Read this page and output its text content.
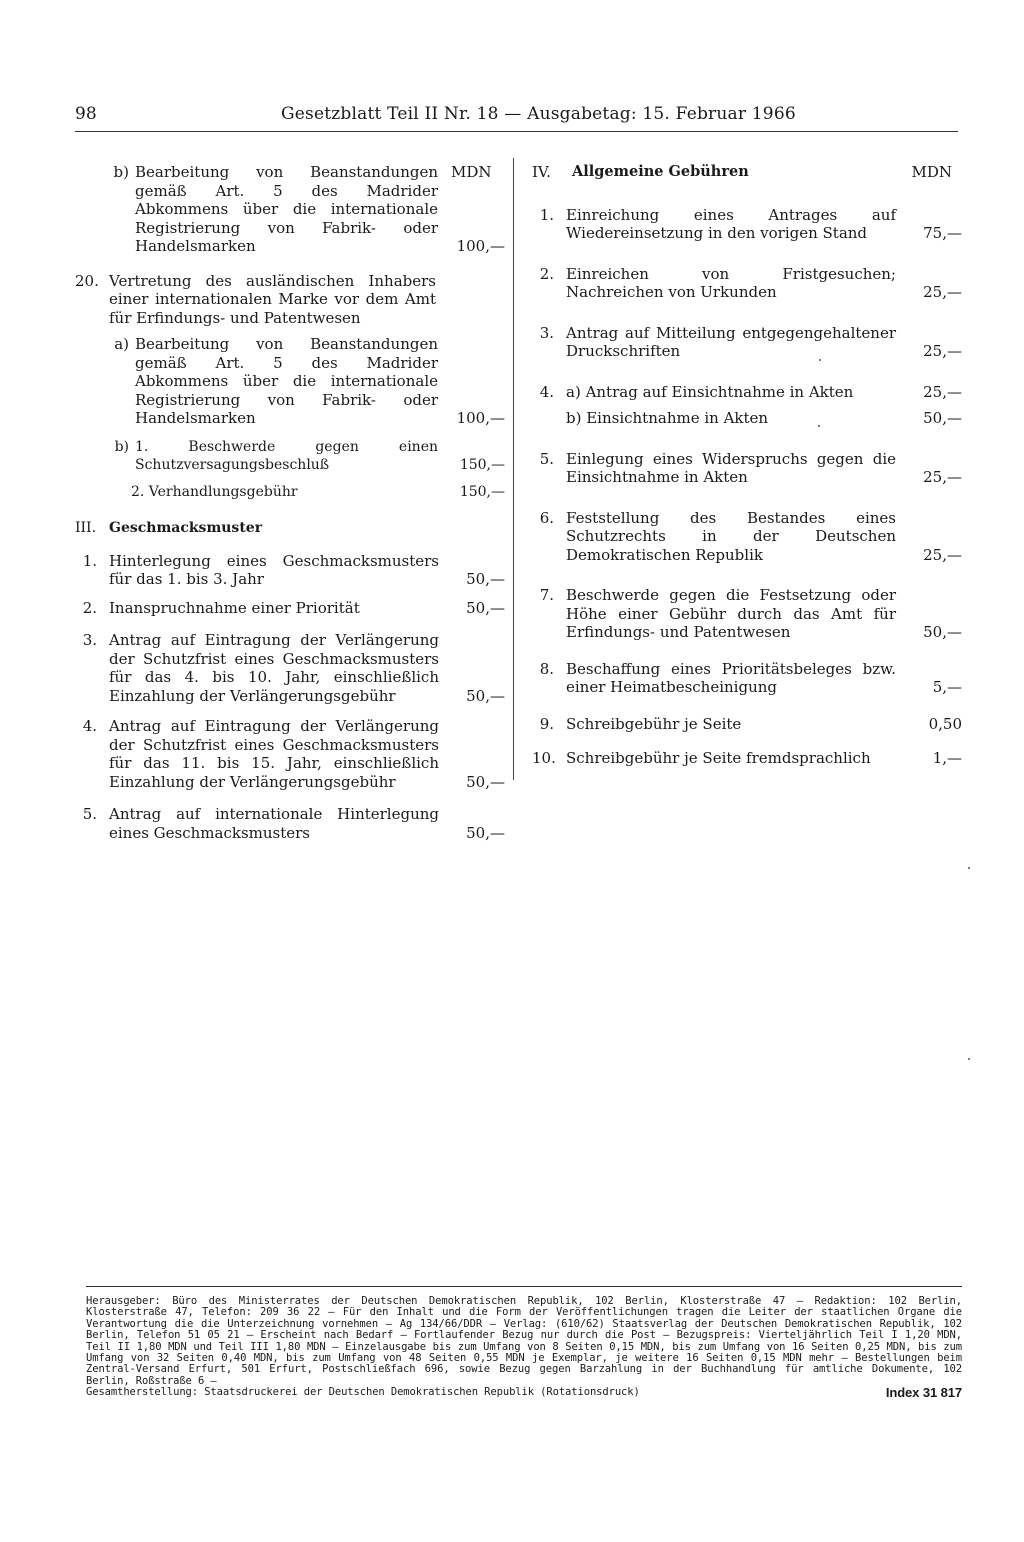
98	Gesetzblatt Teil II Nr. 18 — Ausgabetag: 15. Februar 1966
MDN
b) Bearbeitung von Beanstandungen gemäß Art. 5 des Madrider Abkommens über die internationale Registrierung von Fabrik- oder Handelsmarken	100,—
20. Vertretung des ausländischen Inhabers einer internationalen Marke vor dem Amt für Erfindungs- und Patentwesen
a) Bearbeitung von Beanstandungen gemäß Art. 5 des Madrider Abkommens über die internationale Registrierung von Fabrik- oder Handelsmarken	100,—
b) 1. Beschwerde gegen einen Schutzversagungsbeschluß	150,—
2. Verhandlungsgebühr	150,—
III. Geschmacksmuster
1. Hinterlegung eines Geschmacksmusters für das 1. bis 3. Jahr	50,—
2. Inanspruchnahme einer Priorität	50,—
3. Antrag auf Eintragung der Verlängerung der Schutzfrist eines Geschmacksmusters für das 4. bis 10. Jahr, einschließlich Einzahlung der Verlängerungsgebühr	50,—
4. Antrag auf Eintragung der Verlängerung der Schutzfrist eines Geschmacksmusters für das 11. bis 15. Jahr, einschließlich Einzahlung der Verlängerungsgebühr	50,—
5. Antrag auf internationale Hinterlegung eines Geschmacksmusters	50,—
IV. Allgemeine Gebühren	MDN
1. Einreichung eines Antrages auf Wiedereinsetzung in den vorigen Stand	75,—
2. Einreichen von Fristgesuchen; Nachreichen von Urkunden	25,—
3. Antrag auf Mitteilung entgegengehaltener Druckschriften	25,—
4. a) Antrag auf Einsichtnahme in Akten	25,—
b) Einsichtnahme in Akten	50,—
5. Einlegung eines Widerspruchs gegen die Einsichtnahme in Akten	25,—
6. Feststellung des Bestandes eines Schutzrechts in der Deutschen Demokratischen Republik	25,—
7. Beschwerde gegen die Festsetzung oder Höhe einer Gebühr durch das Amt für Erfindungs- und Patentwesen	50,—
8. Beschaffung eines Prioritätsbeleges bzw. einer Heimatbescheinigung	5,—
9. Schreibgebühr je Seite	0,50
10. Schreibgebühr je Seite fremdsprachlich	1,—
Herausgeber: Büro des Ministerrates der Deutschen Demokratischen Republik, 102 Berlin, Klosterstraße 47 — Redaktion: 102 Berlin, Klosterstraße 47, Telefon: 209 36 22 — Für den Inhalt und die Form der Veröffentlichungen tragen die Leiter der staatlichen Organe die Verantwortung die die Unterzeichnung vornehmen — Ag 134/66/DDR — Verlag: (610/62) Staatsverlag der Deutschen Demokratischen Republik, 102 Berlin, Telefon 51 05 21 — Erscheint nach Bedarf — Fortlaufender Bezug nur durch die Post — Bezugspreis: Vierteljährlich Teil I 1,20 MDN, Teil II 1,80 MDN und Teil III 1,80 MDN — Einzelausgabe bis zum Umfang von 8 Seiten 0,15 MDN, bis zum Umfang von 16 Seiten 0,25 MDN, bis zum Umfang von 32 Seiten 0,40 MDN, bis zum Umfang von 48 Seiten 0,55 MDN je Exemplar, je weitere 16 Seiten 0,15 MDN mehr — Bestellungen beim Zentral-Versand Erfurt, 501 Erfurt, Postschließfach 696, sowie Bezug gegen Barzahlung in der Buchhandlung für amtliche Dokumente, 102 Berlin, Roßstraße 6 —
Gesamtherstellung: Staatsdruckerei der Deutschen Demokratischen Republik (Rotationsdruck)	Index 31 817
